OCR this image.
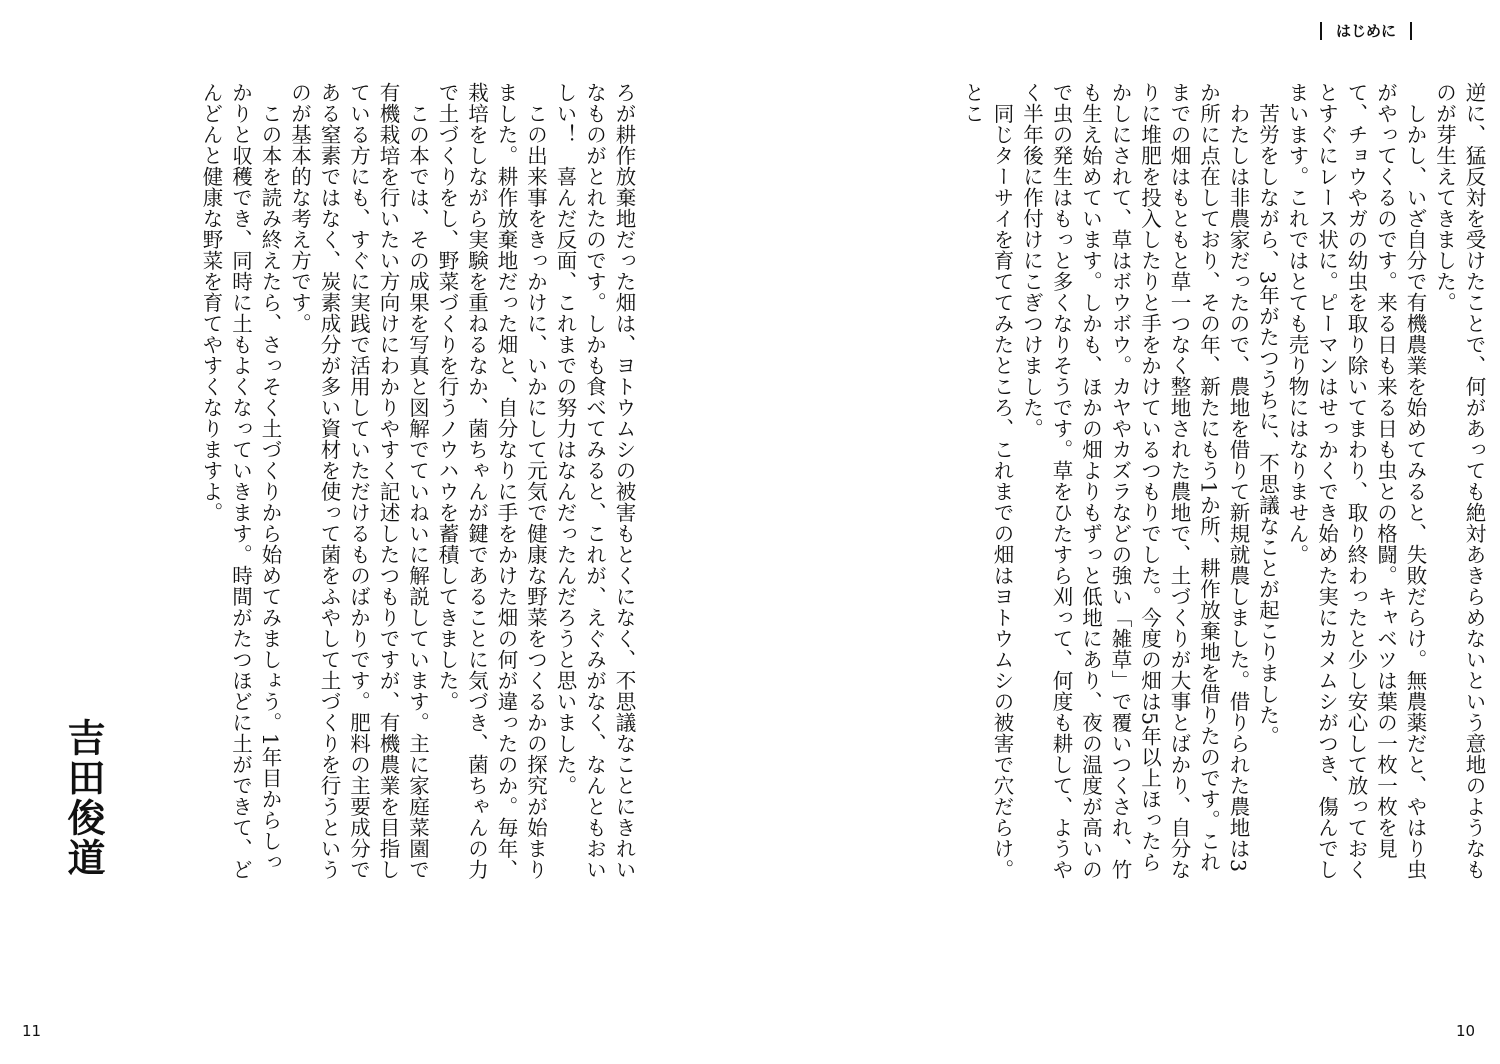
ろが耕作放棄地だった畑は、ヨトウムシの被害もとくになく、不思議なことにきれいなものがとれたのです。しかも食べてみると、これが、えぐみがなく、なんともおいしい！　喜んだ反面、これまでの努力はなんだったんだろうと思いました。

この出来事をきっかけに、いかにして元気で健康な野菜をつくるかの探究が始まりました。耕作放棄地だった畑と、自分なりに手をかけた畑の何が違ったのか。毎年、栽培をしながら実験を重ねるなか、菌ちゃんが鍵であることに気づき、菌ちゃんの力で土づくりをし、野菜づくりを行うノウハウを蓄積してきました。

この本では、その成果を写真と図解でていねいに解説しています。主に家庭菜園で有機栽培を行いたい方向けにわかりやすく記述したつもりですが、有機農業を目指している方にも、すぐに実践で活用していただけるものばかりです。肥料の主要成分である窒素ではなく、炭素成分が多い資材を使って菌をふやして土づくりを行うというのが基本的な考え方です。

この本を読み終えたら、さっそく土づくりから始めてみましょう。1年目からしっかりと収穫でき、同時に土もよくなっていきます。時間がたつほどに土ができて、どんどんと健康な野菜を育てやすくなりますよ。

吉田俊道
11
はじめに

逆に、猛反対を受けたことで、何があっても絶対あきらめないという意地のようなものが芽生えてきました。

しかし、いざ自分で有機農業を始めてみると、失敗だらけ。無農薬だと、やはり虫がやってくるのです。来る日も来る日も虫との格闘。キャベツは葉の一枚一枚を見て、チョウやガの幼虫を取り除いてまわり、取り終わったと少し安心して放っておくとすぐにレース状に。ピーマンはせっかくでき始めた実にカメムシがつき、傷んでしまいます。これではとても売り物にはなりません。

苦労をしながら、3年がたつうちに、不思議なことが起こりました。

わたしは非農家だったので、農地を借りて新規就農しました。借りられた農地は3か所に点在しており、その年、新たにもう1か所、耕作放棄地を借りたのです。これまでの畑はもともと草一つなく整地された農地で、土づくりが大事とばかり、自分なりに堆肥を投入したりと手をかけているつもりでした。今度の畑は5年以上ほったらかしにされて、草はボウボウ。カヤやカズラなどの強い「雑草」で覆いつくされ、竹も生え始めています。しかも、ほかの畑よりもずっと低地にあり、夜の温度が高いので虫の発生はもっと多くなりそうです。草をひたすら刈って、何度も耕して、ようやく半年後に作付けにこぎつけました。

同じターサイを育ててみたところ、これまでの畑はヨトウムシの被害で穴だらけ。とこ

10
